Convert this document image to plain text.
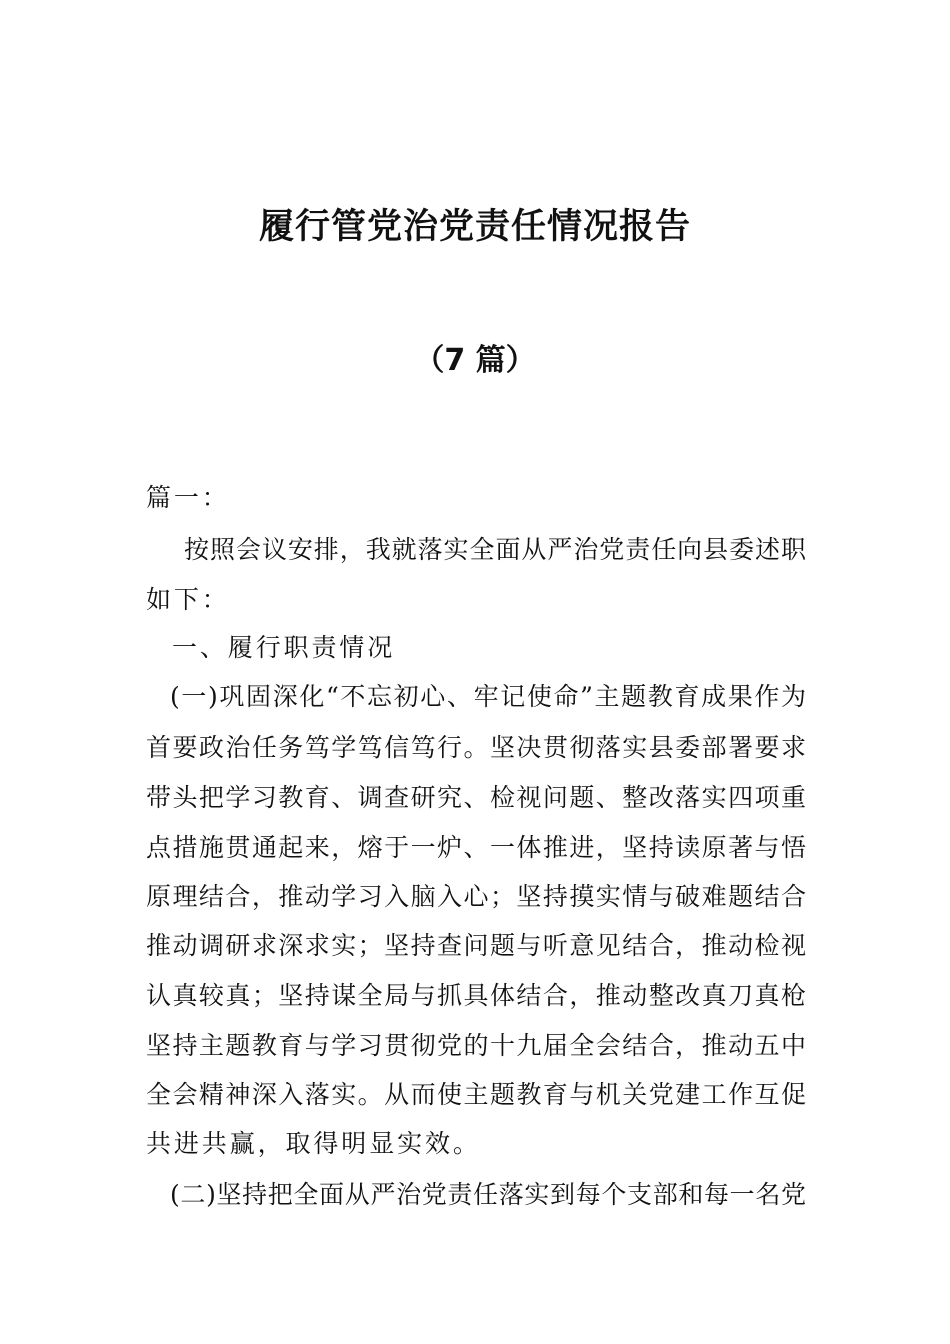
履行管党治党责任情况报告
（7 篇）
篇一：
按照会议安排，我就落实全面从严治党责任向县委述职
如下：
一、履行职责情况
(一)巩固深化“不忘初心、牢记使命”主题教育成果作为
首要政治任务笃学笃信笃行。坚决贯彻落实县委部署要求
带头把学习教育、调查研究、检视问题、整改落实四项重
点措施贯通起来，熔于一炉、一体推进，坚持读原著与悟
原理结合，推动学习入脑入心；坚持摸实情与破难题结合
推动调研求深求实；坚持查问题与听意见结合，推动检视
认真较真；坚持谋全局与抓具体结合，推动整改真刀真枪
坚持主题教育与学习贯彻党的十九届全会结合，推动五中
全会精神深入落实。从而使主题教育与机关党建工作互促
共进共赢，取得明显实效。
(二)坚持把全面从严治党责任落实到每个支部和每一名党
